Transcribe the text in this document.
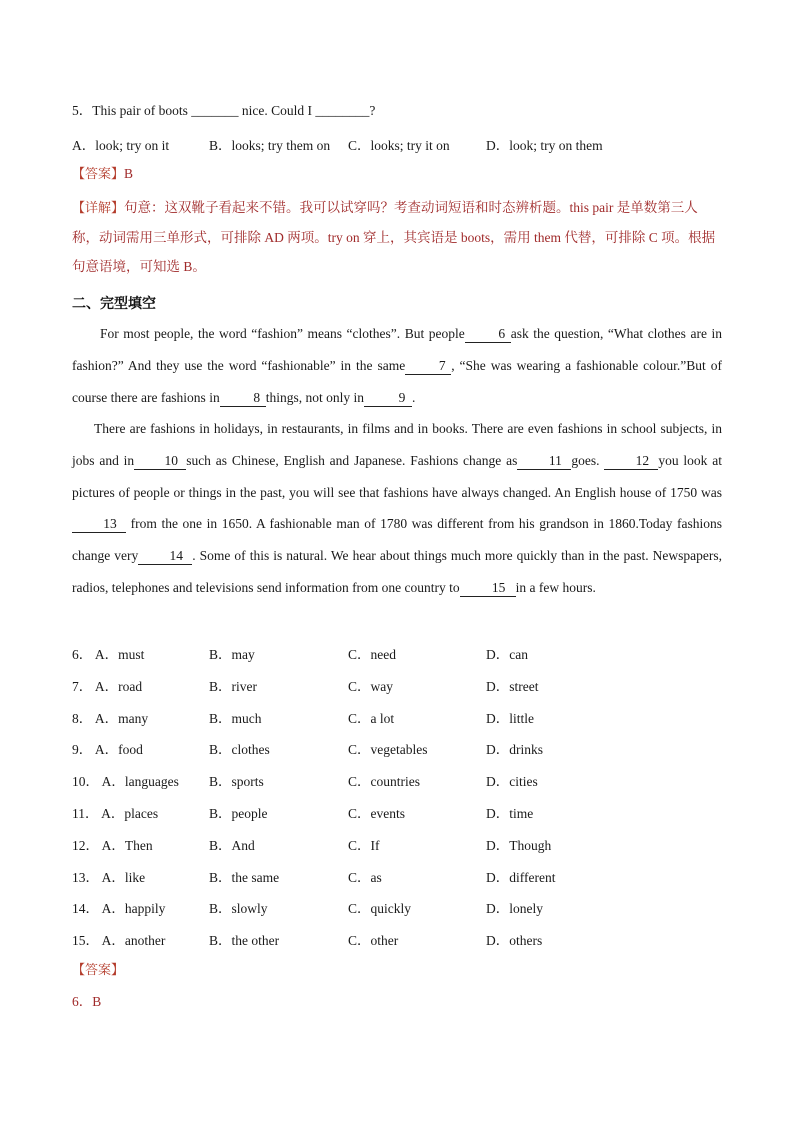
5．This pair of boots _______ nice. Could I ________?
A．look; try on it	B．looks; try them on C．looks; try it on	D．look; try on them
【答案】B
【详解】句意：这双靴子看起来不错。我可以试穿吗？考查动词短语和时态辨析题。this pair 是单数第三人称，动词需用三单形式，可排除 AD 两项。try on 穿上，其宾语是 boots，需用 them 代替，可排除 C 项。根据句意语境，可知选 B。
二、完型填空
For most people, the word “fashion” means “clothes”. But people 6 ask the question, “What clothes are in fashion?” And they use the word “fashionable” in the same 7 , “She was wearing a fashionable colour.”But of course there are fashions in 8 things, not only in	9 .
There are fashions in holidays, in restaurants, in films and in books. There are even fashions in school subjects, in jobs and in 10 such as Chinese, English and Japanese. Fashions change as 11 goes. 12 you look at pictures of people or things in the past, you will see that fashions have always changed. An English house of 1750 was13 from the one in 1650. A fashionable man of 1780 was different from his grandson in 1860.Today fashions change very 14 . Some of this is natural. We hear about things much more quickly than in the past. Newspapers, radios, telephones and televisions send information from one country to 15 in a few hours.
6． A．must	B．may	C．need	D．can
7． A．road	B．river	C．way	D．street
8． A．many	B．much	C．a lot	D．little
9． A．food	B．clothes	C．vegetables	D．drinks
10． A．languages B．sports	C．countries	D．cities
11． A．places	B．people	C．events	D．time
12． A．Then	B．And	C．If	D．Though
13． A．like	B．the same	C．as	D．different
14． A．happily	B．slowly	C．quickly	D．lonely
15． A．another	B．the other	C．other	D．others
【答案】
6．B
